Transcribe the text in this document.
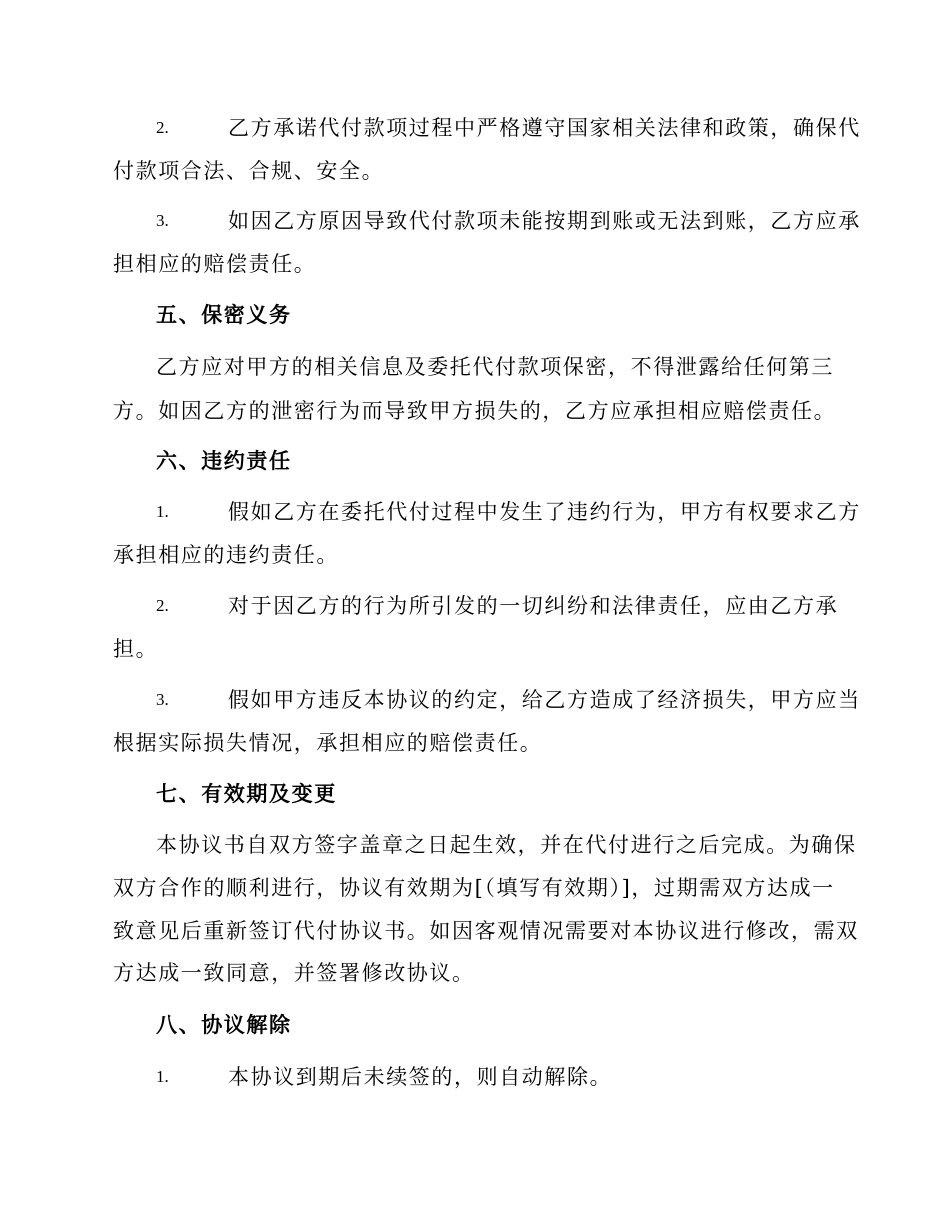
2.	乙方承诺代付款项过程中严格遵守国家相关法律和政策，确保代
付款项合法、合规、安全。
3.	如因乙方原因导致代付款项未能按期到账或无法到账，乙方应承
担相应的赔偿责任。
五、保密义务
乙方应对甲方的相关信息及委托代付款项保密，不得泄露给任何第三
方。如因乙方的泄密行为而导致甲方损失的，乙方应承担相应赔偿责任。
六、违约责任
1.	假如乙方在委托代付过程中发生了违约行为，甲方有权要求乙方
承担相应的违约责任。
2.	对于因乙方的行为所引发的一切纠纷和法律责任，应由乙方承
担。
3.	假如甲方违反本协议的约定，给乙方造成了经济损失，甲方应当
根据实际损失情况，承担相应的赔偿责任。
七、有效期及变更
本协议书自双方签字盖章之日起生效，并在代付进行之后完成。为确保
双方合作的顺利进行，协议有效期为[（填写有效期）]，过期需双方达成一
致意见后重新签订代付协议书。如因客观情况需要对本协议进行修改，需双
方达成一致同意，并签署修改协议。
八、协议解除
1.	本协议到期后未续签的，则自动解除。
